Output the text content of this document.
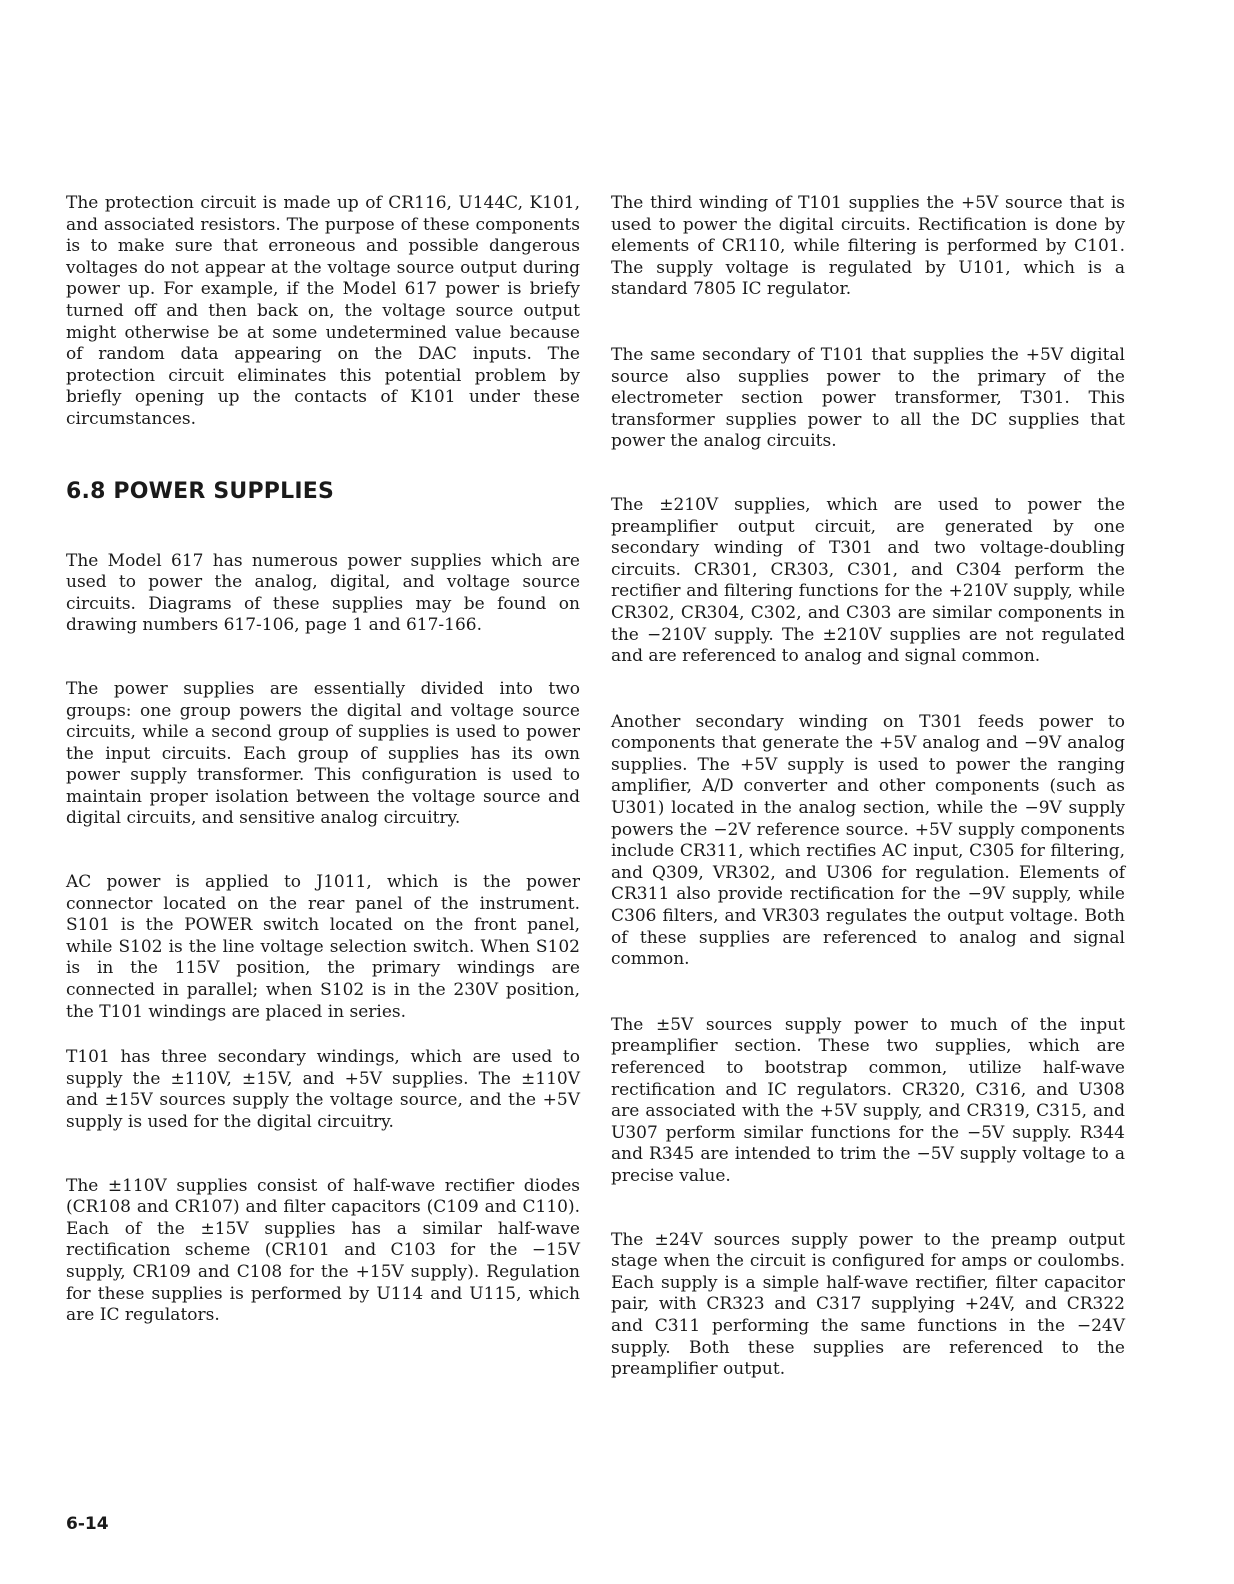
The protection circuit is made up of CR116, U144C, K101, and associated resistors. The purpose of these components is to make sure that erroneous and possible dangerous voltages do not appear at the voltage source output during power up. For example, if the Model 617 power is briefy turned off and then back on, the voltage source output might otherwise be at some undetermined value because of random data appearing on the DAC inputs. The protection circuit eliminates this potential problem by briefly opening up the contacts of K101 under these circumstances.

6.8 POWER SUPPLIES

The Model 617 has numerous power supplies which are used to power the analog, digital, and voltage source circuits. Diagrams of these supplies may be found on drawing numbers 617-106, page 1 and 617-166.

The power supplies are essentially divided into two groups: one group powers the digital and voltage source circuits, while a second group of supplies is used to power the input circuits. Each group of supplies has its own power supply transformer. This configuration is used to maintain proper isolation between the voltage source and digital circuits, and sensitive analog circuitry.

AC power is applied to J1011, which is the power connector located on the rear panel of the instrument. S101 is the POWER switch located on the front panel, while S102 is the line voltage selection switch. When S102 is in the 115V position, the primary windings are connected in parallel; when S102 is in the 230V position, the T101 windings are placed in series.

T101 has three secondary windings, which are used to supply the ±110V, ±15V, and +5V supplies. The ±110V and ±15V sources supply the voltage source, and the +5V supply is used for the digital circuitry.

The ±110V supplies consist of half-wave rectifier diodes (CR108 and CR107) and filter capacitors (C109 and C110). Each of the ±15V supplies has a similar half-wave rectification scheme (CR101 and C103 for the −15V supply, CR109 and C108 for the +15V supply). Regulation for these supplies is performed by U114 and U115, which are IC regulators.

The third winding of T101 supplies the +5V source that is used to power the digital circuits. Rectification is done by elements of CR110, while filtering is performed by C101. The supply voltage is regulated by U101, which is a standard 7805 IC regulator.

The same secondary of T101 that supplies the +5V digital source also supplies power to the primary of the electrometer section power transformer, T301. This transformer supplies power to all the DC supplies that power the analog circuits.

The ±210V supplies, which are used to power the preamplifier output circuit, are generated by one secondary winding of T301 and two voltage-doubling circuits. CR301, CR303, C301, and C304 perform the rectifier and filtering functions for the +210V supply, while CR302, CR304, C302, and C303 are similar components in the −210V supply. The ±210V supplies are not regulated and are referenced to analog and signal common.

Another secondary winding on T301 feeds power to components that generate the +5V analog and −9V analog supplies. The +5V supply is used to power the ranging amplifier, A/D converter and other components (such as U301) located in the analog section, while the −9V supply powers the −2V reference source. +5V supply components include CR311, which rectifies AC input, C305 for filtering, and Q309, VR302, and U306 for regulation. Elements of CR311 also provide rectification for the −9V supply, while C306 filters, and VR303 regulates the output voltage. Both of these supplies are referenced to analog and signal common.

The ±5V sources supply power to much of the input preamplifier section. These two supplies, which are referenced to bootstrap common, utilize half-wave rectification and IC regulators. CR320, C316, and U308 are associated with the +5V supply, and CR319, C315, and U307 perform similar functions for the −5V supply. R344 and R345 are intended to trim the −5V supply voltage to a precise value.

The ±24V sources supply power to the preamp output stage when the circuit is configured for amps or coulombs. Each supply is a simple half-wave rectifier, filter capacitor pair, with CR323 and C317 supplying +24V, and CR322 and C311 performing the same functions in the −24V supply. Both these supplies are referenced to the preamplifier output.

6-14
